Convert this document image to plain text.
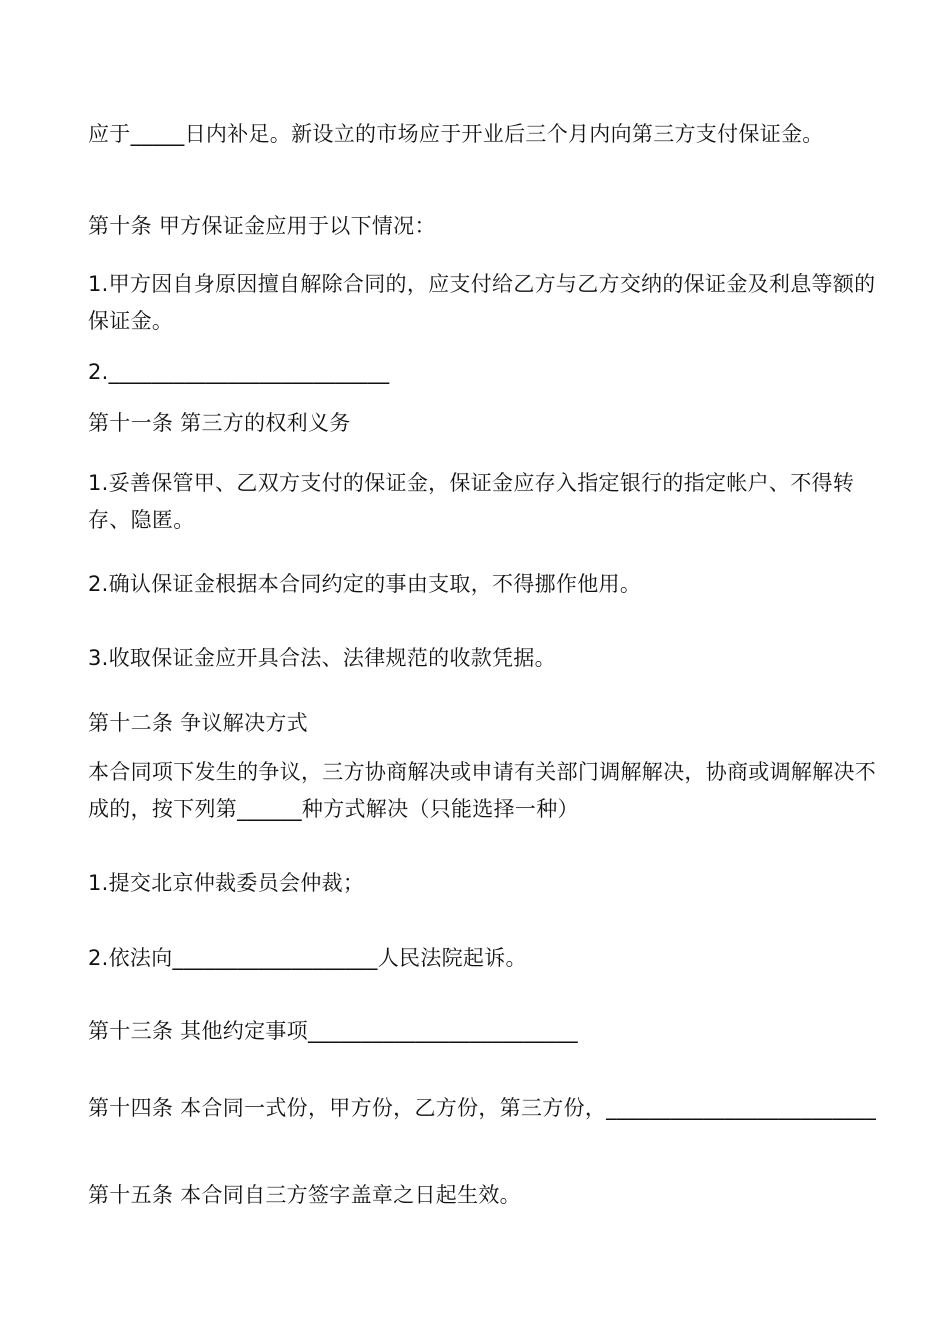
应于_____日内补足。新设立的市场应于开业后三个月内向第三方支付保证金。

第十条 甲方保证金应用于以下情况：

1.甲方因自身原因擅自解除合同的，应支付给乙方与乙方交纳的保证金及利息等额的保证金。

2.__________________________

第十一条 第三方的权利义务

1.妥善保管甲、乙双方支付的保证金，保证金应存入指定银行的指定帐户、不得转存、隐匿。

2.确认保证金根据本合同约定的事由支取，不得挪作他用。

3.收取保证金应开具合法、法律规范的收款凭据。

第十二条 争议解决方式

本合同项下发生的争议，三方协商解决或申请有关部门调解解决，协商或调解解决不成的，按下列第______种方式解决（只能选择一种）

1.提交北京仲裁委员会仲裁；

2.依法向___________________人民法院起诉。

第十三条 其他约定事项_________________________

第十四条 本合同一式份，甲方份，乙方份，第三方份，_________________________

第十五条 本合同自三方签字盖章之日起生效。
